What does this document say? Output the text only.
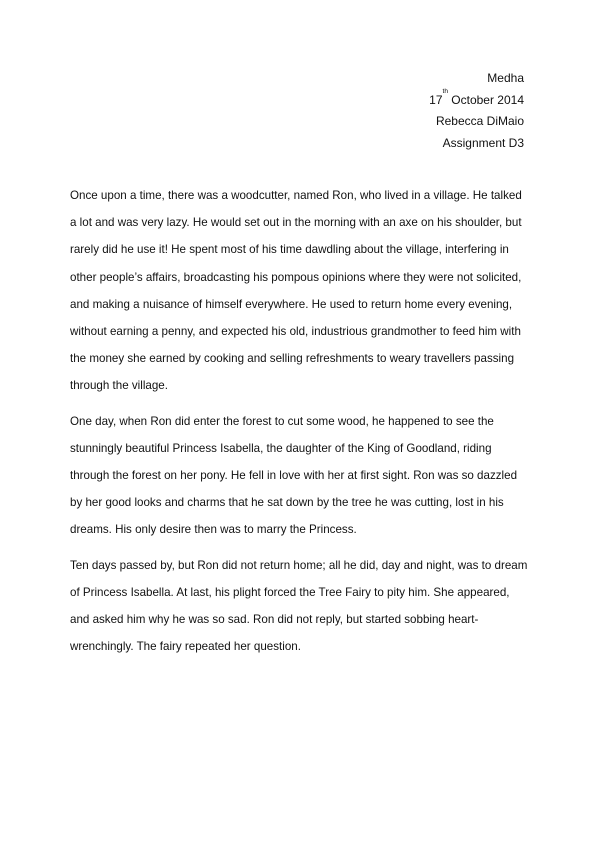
Medha
17th October 2014
Rebecca DiMaio
Assignment D3

Once upon a time, there was a woodcutter, named Ron, who lived in a village. He talked a lot and was very lazy. He would set out in the morning with an axe on his shoulder, but rarely did he use it! He spent most of his time dawdling about the village, interfering in other people’s affairs, broadcasting his pompous opinions where they were not solicited, and making a nuisance of himself everywhere. He used to return home every evening, without earning a penny, and expected his old, industrious grandmother to feed him with the money she earned by cooking and selling refreshments to weary travellers passing through the village.

One day, when Ron did enter the forest to cut some wood, he happened to see the stunningly beautiful Princess Isabella, the daughter of the King of Goodland, riding through the forest on her pony. He fell in love with her at first sight. Ron was so dazzled by her good looks and charms that he sat down by the tree he was cutting, lost in his dreams. His only desire then was to marry the Princess.

Ten days passed by, but Ron did not return home; all he did, day and night, was to dream of Princess Isabella. At last, his plight forced the Tree Fairy to pity him. She appeared, and asked him why he was so sad. Ron did not reply, but started sobbing heart-wrenchingly. The fairy repeated her question.
